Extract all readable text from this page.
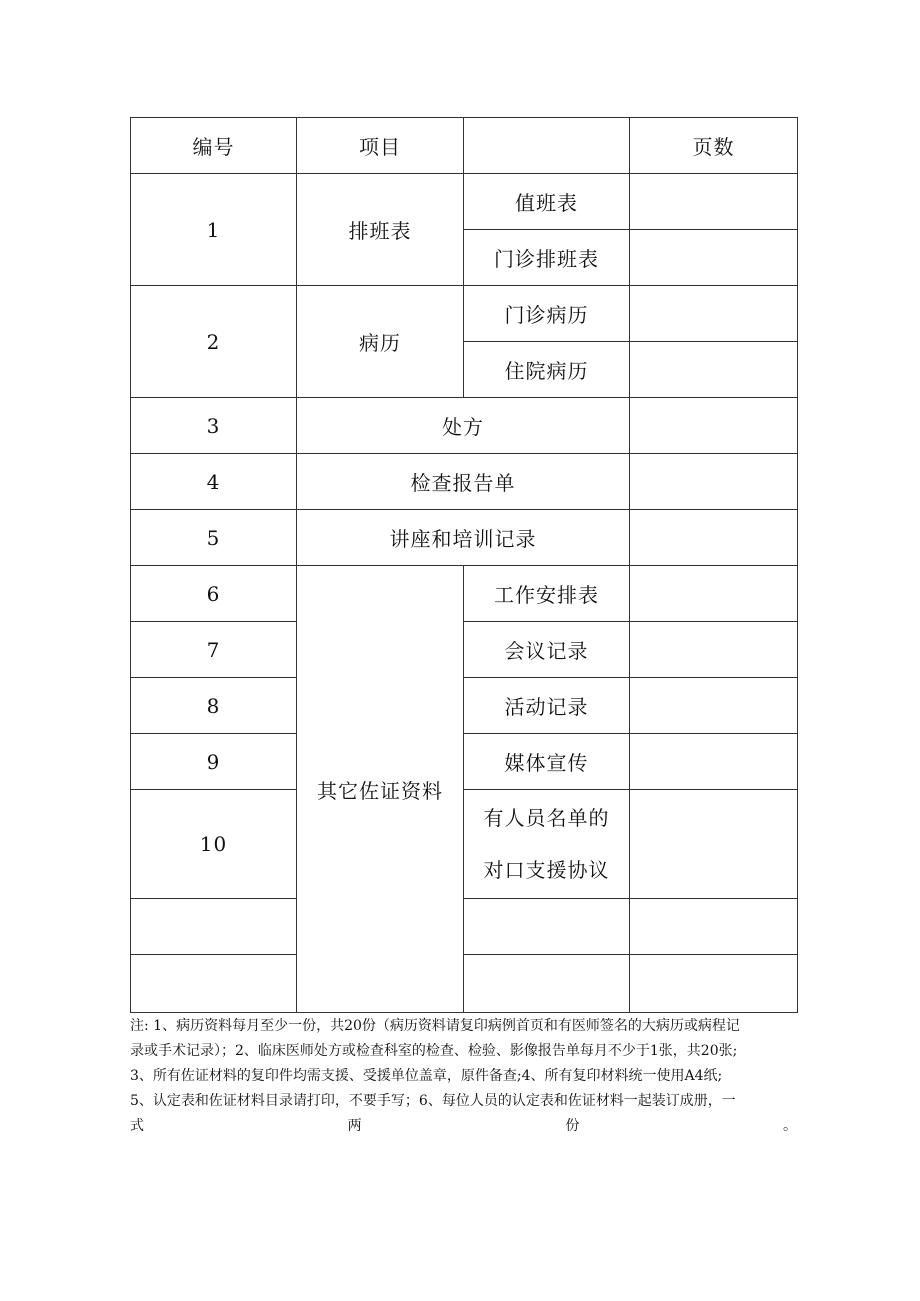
编号	项目		页数
1	排班表	值班表	
		门诊排班表	
2	病历	门诊病历	
		住院病历	
3	处方		
4	检查报告单		
5	讲座和培训记录		
6	其它佐证资料	工作安排表	
7		会议记录	
8		活动记录	
9		媒体宣传	
10		有人员名单的
对口支援协议	

注: 1、病历资料每月至少一份，共20份（病历资料请复印病例首页和有医师签名的大病历或病程记
录或手术记录）；2、临床医师处方或检查科室的检查、检验、影像报告单每月不少于1张，共20张;
3、所有佐证材料的复印件均需支援、受援单位盖章，原件备查;4、所有复印材料统一使用A4纸;
5、认定表和佐证材料目录请打印，不要手写；6、每位人员的认定表和佐证材料一起装订成册，一
式	两	份	。
